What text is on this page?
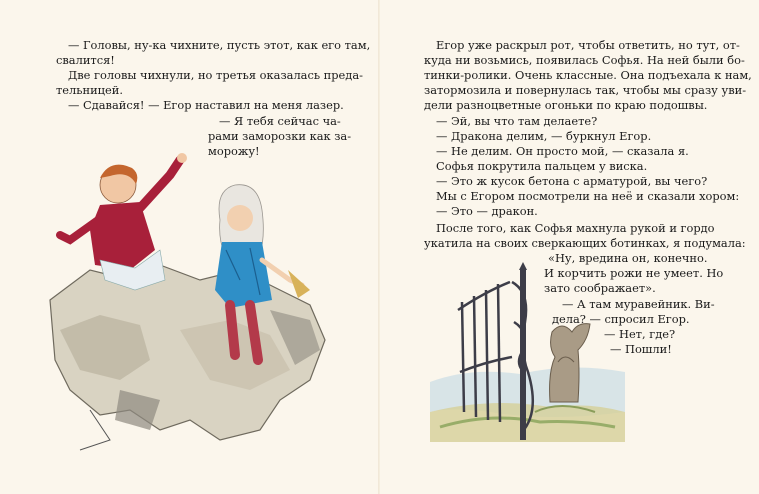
— Головы, ну-ка чихните, пусть этот, как его там,
свалится!
Две головы чихнули, но третья оказалась преда-
тельницей.
— Сдавайся! — Егор наставил на меня лазер.
— Я тебя сейчас ча-
рами заморозки как за-
морожу!
Егор уже раскрыл рот, чтобы ответить, но тут, от-
куда ни возьмись, появилась Софья. На ней были бо-
тинки-ролики. Очень классные. Она подъехала к нам,
затормозила и повернулась так, чтобы мы сразу уви-
дели разноцветные огоньки по краю подошвы.
— Эй, вы что там делаете?
— Дракона делим, — буркнул Егор.
— Не делим. Он просто мой, — сказала я.
Софья покрутила пальцем у виска.
— Это ж кусок бетона с арматурой, вы чего?
Мы с Егором посмотрели на неё и сказали хором:
— Это — дракон.
После того, как Софья махнула рукой и гордо
укатила на своих сверкающих ботинках, я подумала:
«Ну, вредина он, конечно.
И корчить рожи не умеет. Но
зато соображает».
— А там муравейник. Ви-
дела? — спросил Егор.
— Нет, где?
— Пошли!
